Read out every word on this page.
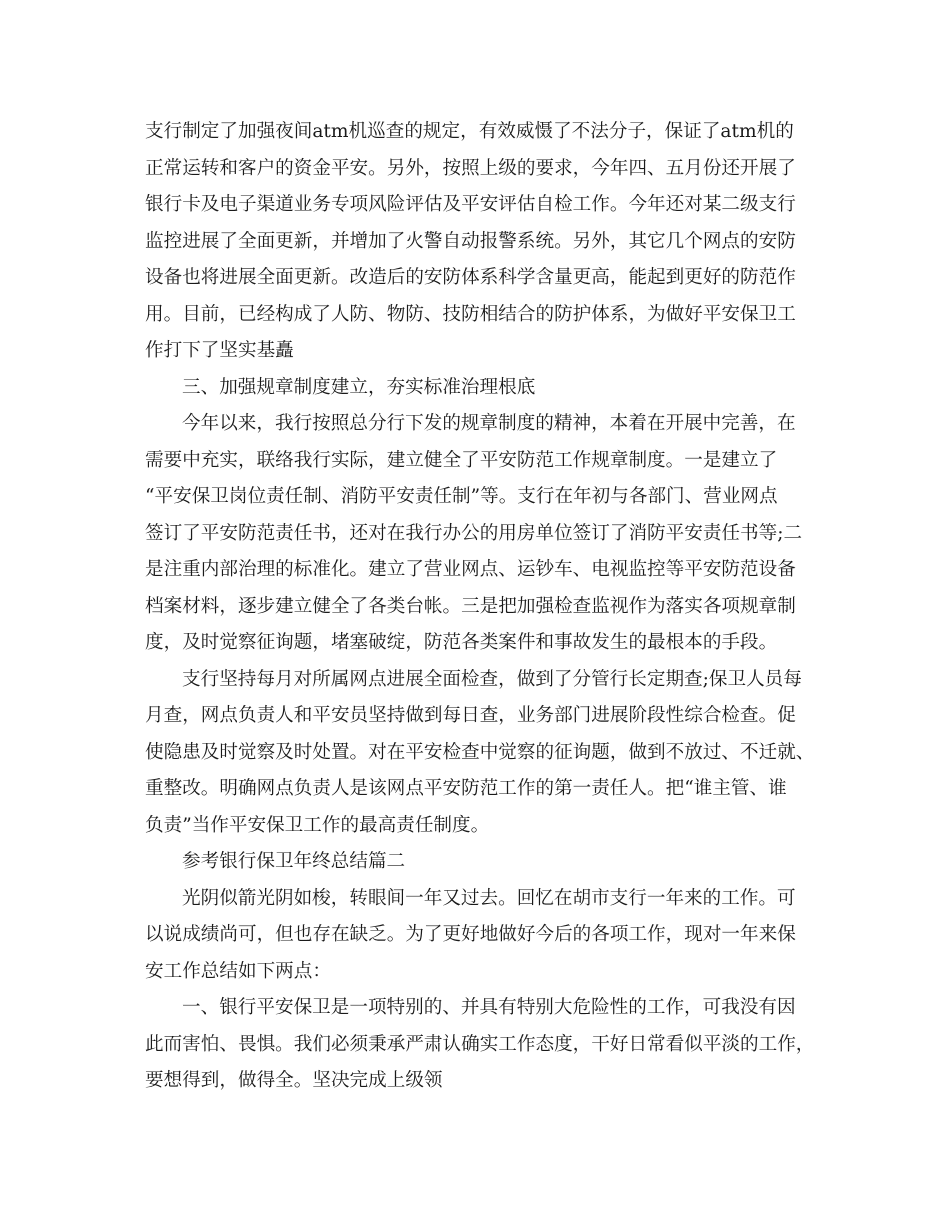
支行制定了加强夜间atm机巡查的规定，有效威慑了不法分子，保证了atm机的
正常运转和客户的资金平安。另外，按照上级的要求，今年四、五月份还开展了
银行卡及电子渠道业务专项风险评估及平安评估自检工作。今年还对某二级支行
监控进展了全面更新，并增加了火警自动报警系统。另外，其它几个网点的安防
设备也将进展全面更新。改造后的安防体系科学含量更高，能起到更好的防范作
用。目前，已经构成了人防、物防、技防相结合的防护体系，为做好平安保卫工
作打下了坚实基矗
三、加强规章制度建立，夯实标准治理根底
今年以来，我行按照总分行下发的规章制度的精神，本着在开展中完善，在
需要中充实，联络我行实际，建立健全了平安防范工作规章制度。一是建立了
“平安保卫岗位责任制、消防平安责任制”等。支行在年初与各部门、营业网点
签订了平安防范责任书，还对在我行办公的用房单位签订了消防平安责任书等;二
是注重内部治理的标准化。建立了营业网点、运钞车、电视监控等平安防范设备
档案材料，逐步建立健全了各类台帐。三是把加强检查监视作为落实各项规章制
度，及时觉察征询题，堵塞破绽，防范各类案件和事故发生的最根本的手段。
支行坚持每月对所属网点进展全面检查，做到了分管行长定期查;保卫人员每
月查，网点负责人和平安员坚持做到每日查，业务部门进展阶段性综合检查。促
使隐患及时觉察及时处置。对在平安检查中觉察的征询题，做到不放过、不迁就、
重整改。明确网点负责人是该网点平安防范工作的第一责任人。把“谁主管、谁
负责”当作平安保卫工作的最高责任制度。
参考银行保卫年终总结篇二
光阴似箭光阴如梭，转眼间一年又过去。回忆在胡市支行一年来的工作。可
以说成绩尚可，但也存在缺乏。为了更好地做好今后的各项工作，现对一年来保
安工作总结如下两点：
一、银行平安保卫是一项特别的、并具有特别大危险性的工作，可我没有因
此而害怕、畏惧。我们必须秉承严肃认确实工作态度，干好日常看似平淡的工作，
要想得到，做得全。坚决完成上级领
